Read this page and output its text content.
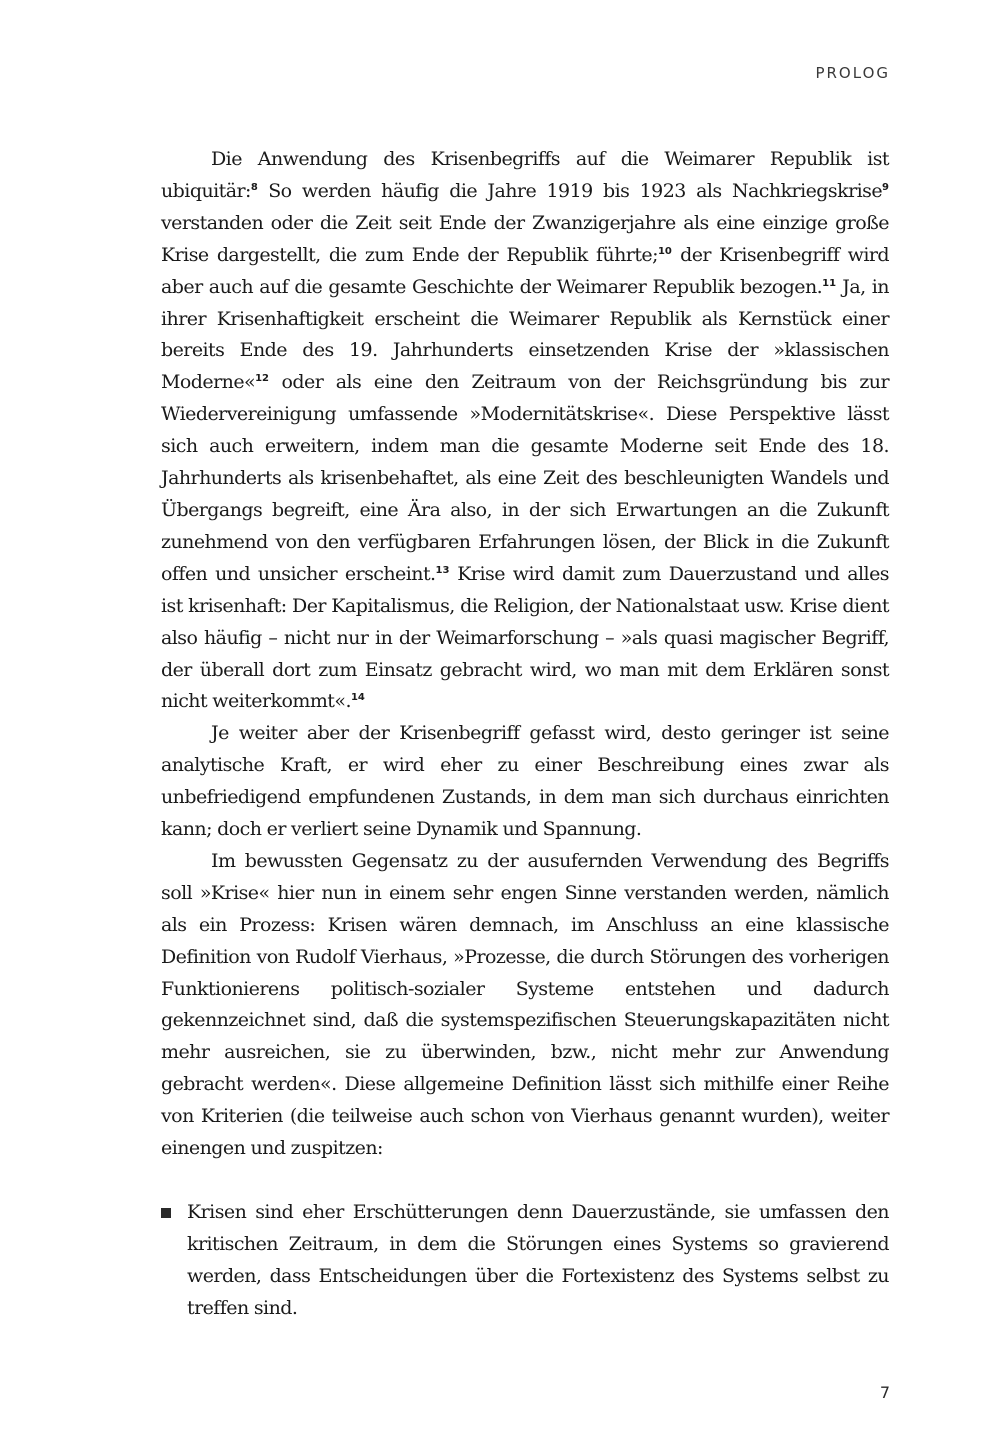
PROLOG

Die Anwendung des Krisenbegriffs auf die Weimarer Republik ist ubiquitär:$^8$ So werden häufig die Jahre 1919 bis 1923 als Nachkriegskrise$^9$ verstanden oder die Zeit seit Ende der Zwanzigerjahre als eine einzige große Krise dargestellt, die zum Ende der Republik führte;$^{10}$ der Krisenbegriff wird aber auch auf die gesamte Geschichte der Weimarer Republik bezogen.$^{11}$ Ja, in ihrer Krisenhaftigkeit erscheint die Weimarer Republik als Kernstück einer bereits Ende des 19. Jahrhunderts einsetzenden Krise der »klassischen Moderne«$^{12}$ oder als eine den Zeitraum von der Reichsgründung bis zur Wiedervereinigung umfassende »Modernitätskrise«. Diese Perspektive lässt sich auch erweitern, indem man die gesamte Moderne seit Ende des 18. Jahrhunderts als krisenbehaftet, als eine Zeit des beschleunigten Wandels und Übergangs begreift, eine Ära also, in der sich Erwartungen an die Zukunft zunehmend von den verfügbaren Erfahrungen lösen, der Blick in die Zukunft offen und unsicher erscheint.$^{13}$ Krise wird damit zum Dauerzustand und alles ist krisenhaft: Der Kapitalismus, die Religion, der Nationalstaat usw. Krise dient also häufig – nicht nur in der Weimarforschung – »als quasi magischer Begriff, der überall dort zum Einsatz gebracht wird, wo man mit dem Erklären sonst nicht weiterkommt«.$^{14}$

Je weiter aber der Krisenbegriff gefasst wird, desto geringer ist seine analytische Kraft, er wird eher zu einer Beschreibung eines zwar als unbefriedigend empfundenen Zustands, in dem man sich durchaus einrichten kann; doch er verliert seine Dynamik und Spannung.

Im bewussten Gegensatz zu der ausufernden Verwendung des Begriffs soll »Krise« hier nun in einem sehr engen Sinne verstanden werden, nämlich als ein Prozess: Krisen wären demnach, im Anschluss an eine klassische Definition von Rudolf Vierhaus, »Prozesse, die durch Störungen des vorherigen Funktionierens politisch-sozialer Systeme entstehen und dadurch gekennzeichnet sind, daß die systemspezifischen Steuerungskapazitäten nicht mehr ausreichen, sie zu überwinden, bzw., nicht mehr zur Anwendung gebracht werden«. Diese allgemeine Definition lässt sich mithilfe einer Reihe von Kriterien (die teilweise auch schon von Vierhaus genannt wurden), weiter einengen und zuspitzen:

Krisen sind eher Erschütterungen denn Dauerzustände, sie umfassen den kritischen Zeitraum, in dem die Störungen eines Systems so gravierend werden, dass Entscheidungen über die Fortexistenz des Systems selbst zu treffen sind.
7
